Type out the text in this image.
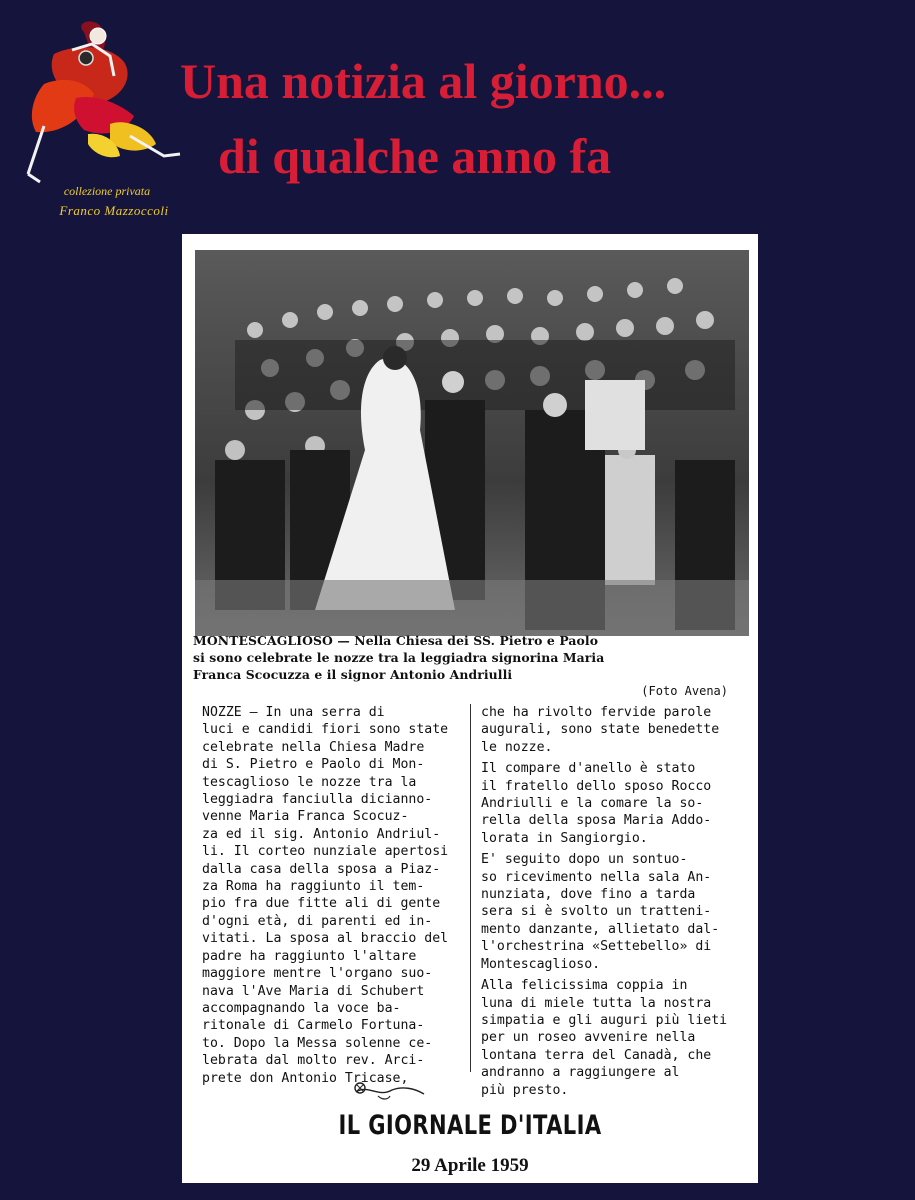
collezione privata
Franco Mazzoccoli
Una notizia al giorno...
di qualche anno fa
MONTESCAGLIOSO — Nella Chiesa dei SS. Pietro e Paolo
si sono celebrate le nozze tra la leggiadra signorina Maria
Franca Scocuzza e il signor Antonio Andriulli
(Foto Avena)
NOZZE — In una serra di
luci e candidi fiori sono state
celebrate nella Chiesa Madre
di S. Pietro e Paolo di Mon-
tescaglioso le nozze tra la
leggiadra fanciulla dicianno-
venne Maria Franca Scocuz-
za ed il sig. Antonio Andriul-
li. Il corteo nunziale apertosi
dalla casa della sposa a Piaz-
za Roma ha raggiunto il tem-
pio fra due fitte ali di gente
d'ogni età, di parenti ed in-
vitati. La sposa al braccio del
padre ha raggiunto l'altare
maggiore mentre l'organo suo-
nava l'Ave Maria di Schubert
accompagnando la voce ba-
ritonale di Carmelo Fortuna-
to. Dopo la Messa solenne ce-
lebrata dal molto rev. Arci-
prete don Antonio Tricase,
che ha rivolto fervide parole
augurali, sono state benedette
le nozze.
Il compare d'anello è stato
il fratello dello sposo Rocco
Andriulli e la comare la so-
rella della sposa Maria Addo-
lorata in Sangiorgio.
E' seguito dopo un sontuo-
so ricevimento nella sala An-
nunziata, dove fino a tarda
sera si è svolto un tratteni-
mento danzante, allietato dal-
l'orchestrina «Settebello» di
Montescaglioso.
Alla felicissima coppia in
luna di miele tutta la nostra
simpatia e gli auguri più lieti
per un roseo avvenire nella
lontana terra del Canadà, che
andranno a raggiungere al
più presto.
IL GIORNALE D'ITALIA
29 Aprile 1959
